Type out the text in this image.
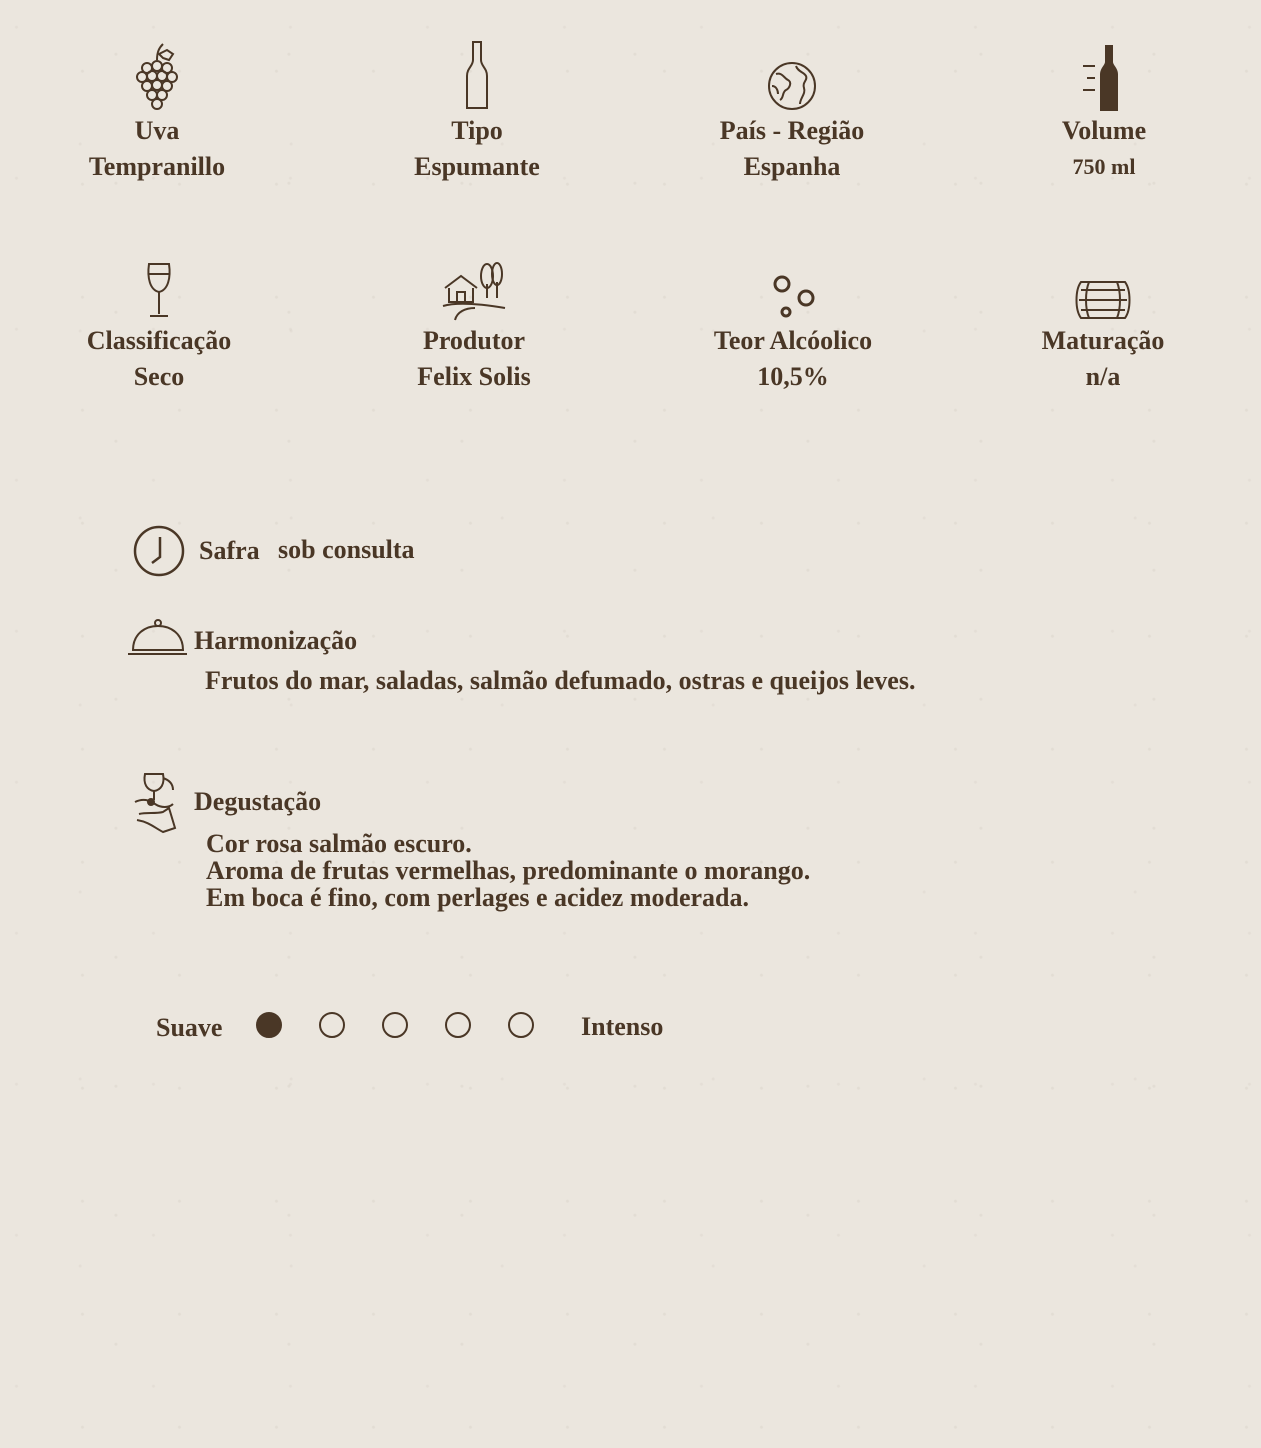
Uva
Tempranillo
Tipo
Espumante
País - Região
Espanha
Volume
750 ml
Classificação
Seco
Produtor
Felix Solis
Teor Alcóolico
10,5%
Maturação
n/a
Safra sob consulta
Harmonização
Frutos do mar, saladas, salmão defumado, ostras e queijos leves.
Degustação
Cor rosa salmão escuro.
Aroma de frutas vermelhas, predominante o morango.
Em boca é fino, com perlages e acidez moderada.
Suave	Intenso
